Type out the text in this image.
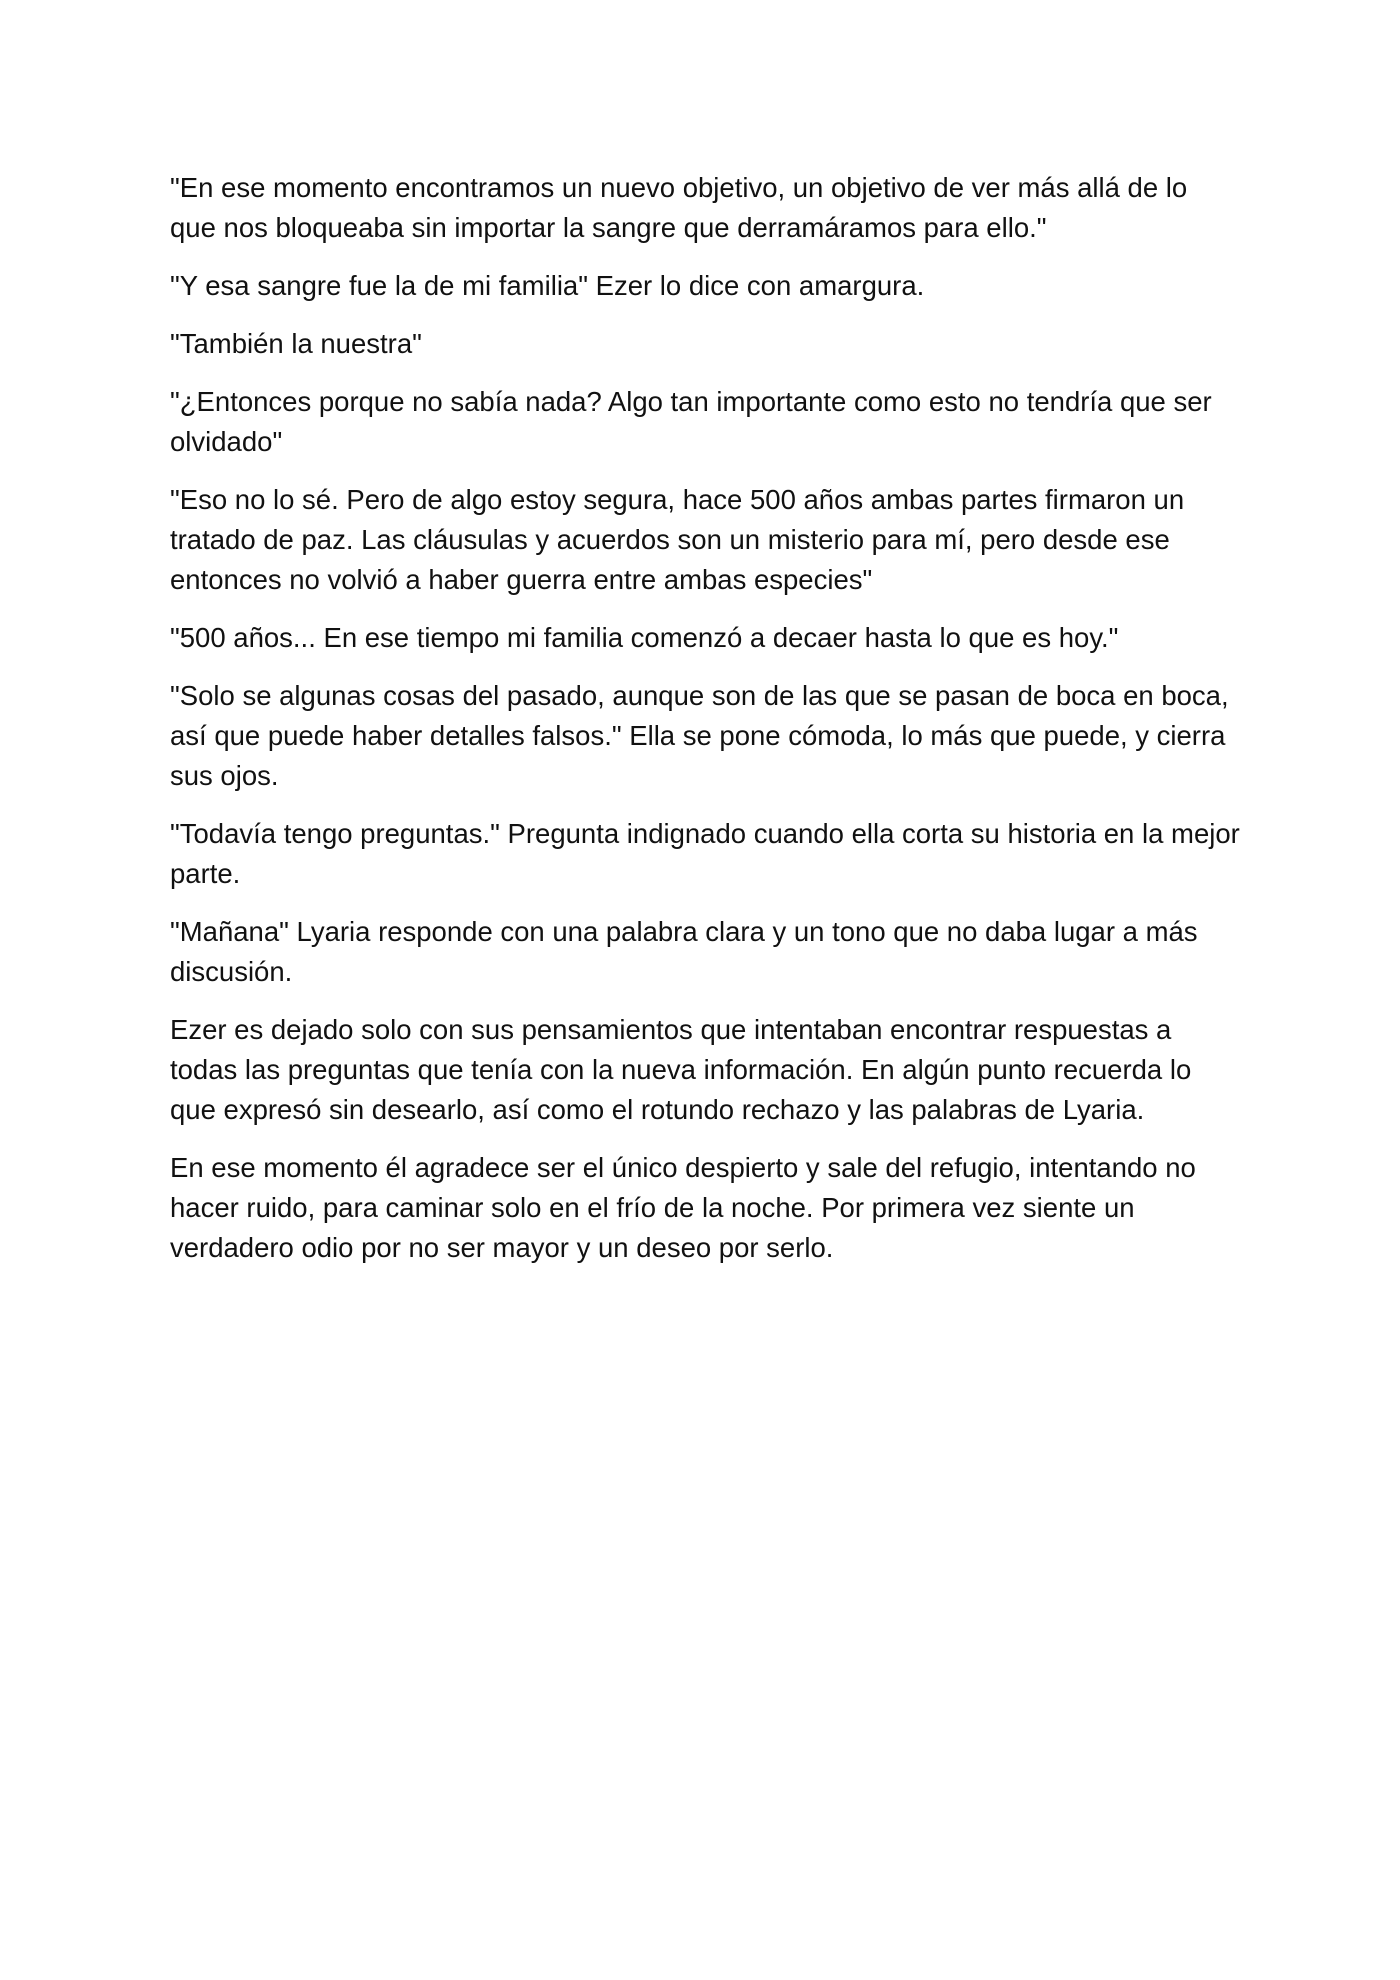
"En ese momento encontramos un nuevo objetivo, un objetivo de ver más allá de lo que nos bloqueaba sin importar la sangre que derramáramos para ello."

"Y esa sangre fue la de mi familia" Ezer lo dice con amargura.

"También la nuestra"

"¿Entonces porque no sabía nada? Algo tan importante como esto no tendría que ser olvidado"

"Eso no lo sé. Pero de algo estoy segura, hace 500 años ambas partes firmaron un tratado de paz. Las cláusulas y acuerdos son un misterio para mí, pero desde ese entonces no volvió a haber guerra entre ambas especies"

"500 años... En ese tiempo mi familia comenzó a decaer hasta lo que es hoy."

"Solo se algunas cosas del pasado, aunque son de las que se pasan de boca en boca, así que puede haber detalles falsos." Ella se pone cómoda, lo más que puede, y cierra sus ojos.

"Todavía tengo preguntas." Pregunta indignado cuando ella corta su historia en la mejor parte.

"Mañana" Lyaria responde con una palabra clara y un tono que no daba lugar a más discusión.

Ezer es dejado solo con sus pensamientos que intentaban encontrar respuestas a todas las preguntas que tenía con la nueva información. En algún punto recuerda lo que expresó sin desearlo, así como el rotundo rechazo y las palabras de Lyaria.

En ese momento él agradece ser el único despierto y sale del refugio, intentando no hacer ruido, para caminar solo en el frío de la noche. Por primera vez siente un verdadero odio por no ser mayor y un deseo por serlo.
